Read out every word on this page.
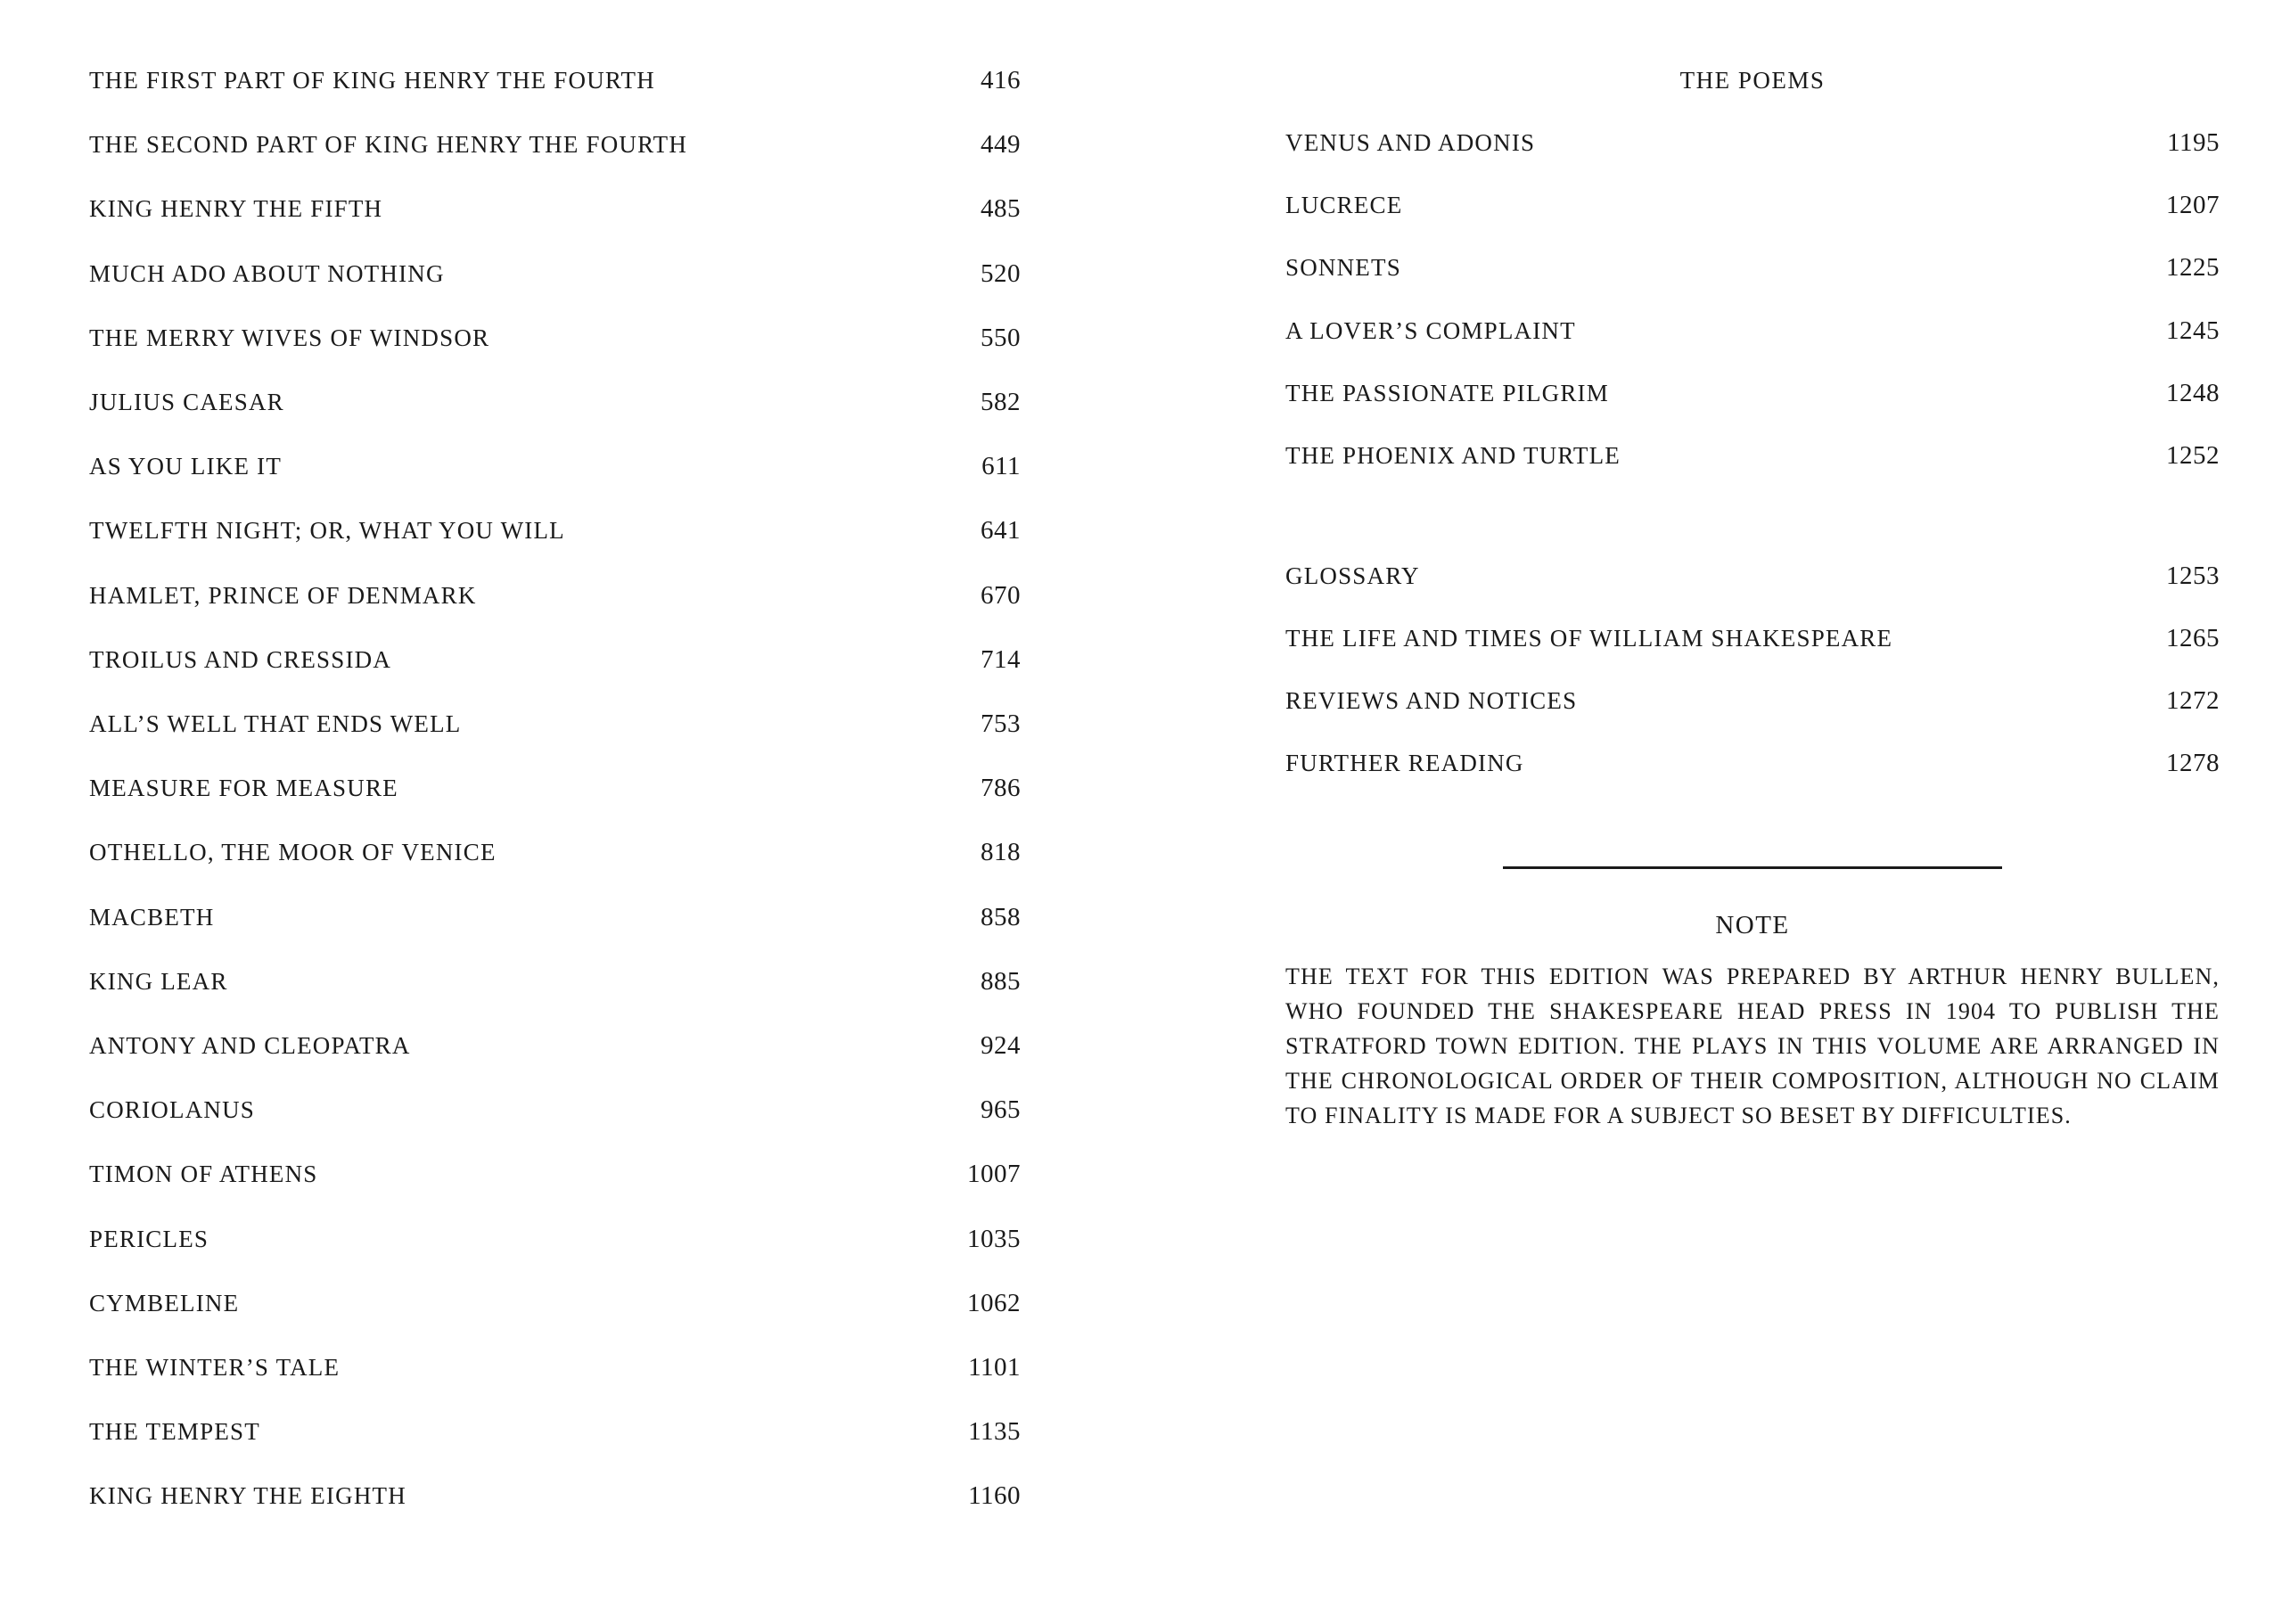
THE FIRST PART OF KING HENRY THE FOURTH	416
THE SECOND PART OF KING HENRY THE FOURTH	449
KING HENRY THE FIFTH	485
MUCH ADO ABOUT NOTHING	520
THE MERRY WIVES OF WINDSOR	550
JULIUS CAESAR	582
AS YOU LIKE IT	611
TWELFTH NIGHT; OR, WHAT YOU WILL	641
HAMLET, PRINCE OF DENMARK	670
TROILUS AND CRESSIDA	714
ALL’S WELL THAT ENDS WELL	753
MEASURE FOR MEASURE	786
OTHELLO, THE MOOR OF VENICE	818
MACBETH	858
KING LEAR	885
ANTONY AND CLEOPATRA	924
CORIOLANUS	965
TIMON OF ATHENS	1007
PERICLES	1035
CYMBELINE	1062
THE WINTER’S TALE	1101
THE TEMPEST	1135
KING HENRY THE EIGHTH	1160
THE POEMS
VENUS AND ADONIS	1195
LUCRECE	1207
SONNETS	1225
A LOVER’S COMPLAINT	1245
THE PASSIONATE PILGRIM	1248
THE PHOENIX AND TURTLE	1252
GLOSSARY	1253
THE LIFE AND TIMES OF WILLIAM SHAKESPEARE	1265
REVIEWS AND NOTICES	1272
FURTHER READING	1278
NOTE

THE TEXT FOR THIS EDITION WAS PREPARED BY ARTHUR HENRY BULLEN, WHO FOUNDED THE SHAKESPEARE HEAD PRESS IN 1904 TO PUBLISH THE STRATFORD TOWN EDITION. THE PLAYS IN THIS VOLUME ARE ARRANGED IN THE CHRONOLOGICAL ORDER OF THEIR COMPOSITION, ALTHOUGH NO CLAIM TO FINALITY IS MADE FOR A SUBJECT SO BESET BY DIFFICULTIES.
